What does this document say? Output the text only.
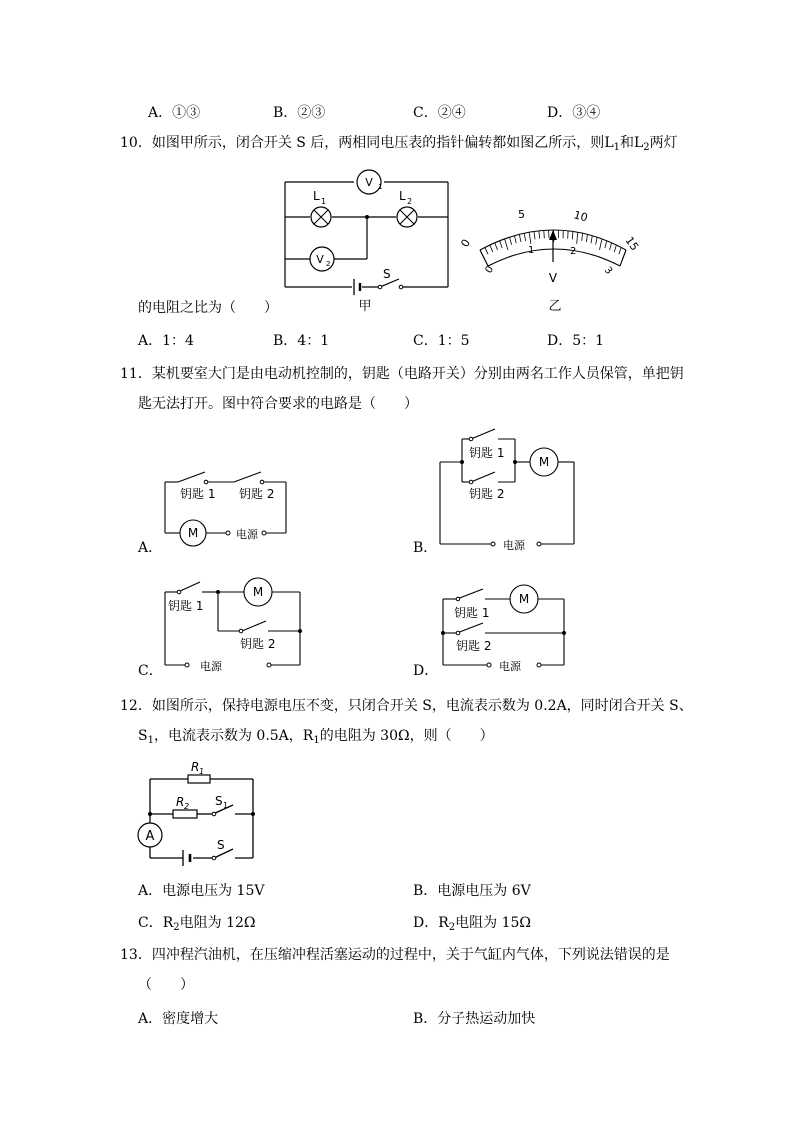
A．①③	B．②③	C．②④	D．③④
10．如图甲所示，闭合开关 S 后，两相同电压表的指针偏转都如图乙所示，则$L_1$和$L_2$两灯
V 1
L 1	L 2
V 2
S
甲
0
5	10
15
0
1	2
3
V
乙
的电阻之比为（　　）
A．1：4	B．4：1	C．1：5	D．5：1
11．某机要室大门是由电动机控制的，钥匙（电路开关）分别由两名工作人员保管，单把钥
匙无法打开。图中符合要求的电路是（　　）
M
钥匙 1 钥匙 2
电源
A．
M
钥匙 1
钥匙 2
电源
B．
M
钥匙 1
钥匙 2
电源
C．
M
钥匙 1
钥匙 2
电源
D．
12．如图所示，保持电源电压不变，只闭合开关 S，电流表示数为 0.2A，同时闭合开关 S、
$S_1$，电流表示数为 0.5A，$R_1$的电阻为 30Ω，则（　　）
A
R 1
R 2 S 1
S
A．电源电压为 15V	B．电源电压为 6V
C．$R_2$电阻为 12Ω	D．$R_2$电阻为 15Ω
13．四冲程汽油机，在压缩冲程活塞运动的过程中，关于气缸内气体，下列说法错误的是
（　　）
A．密度增大	B．分子热运动加快
